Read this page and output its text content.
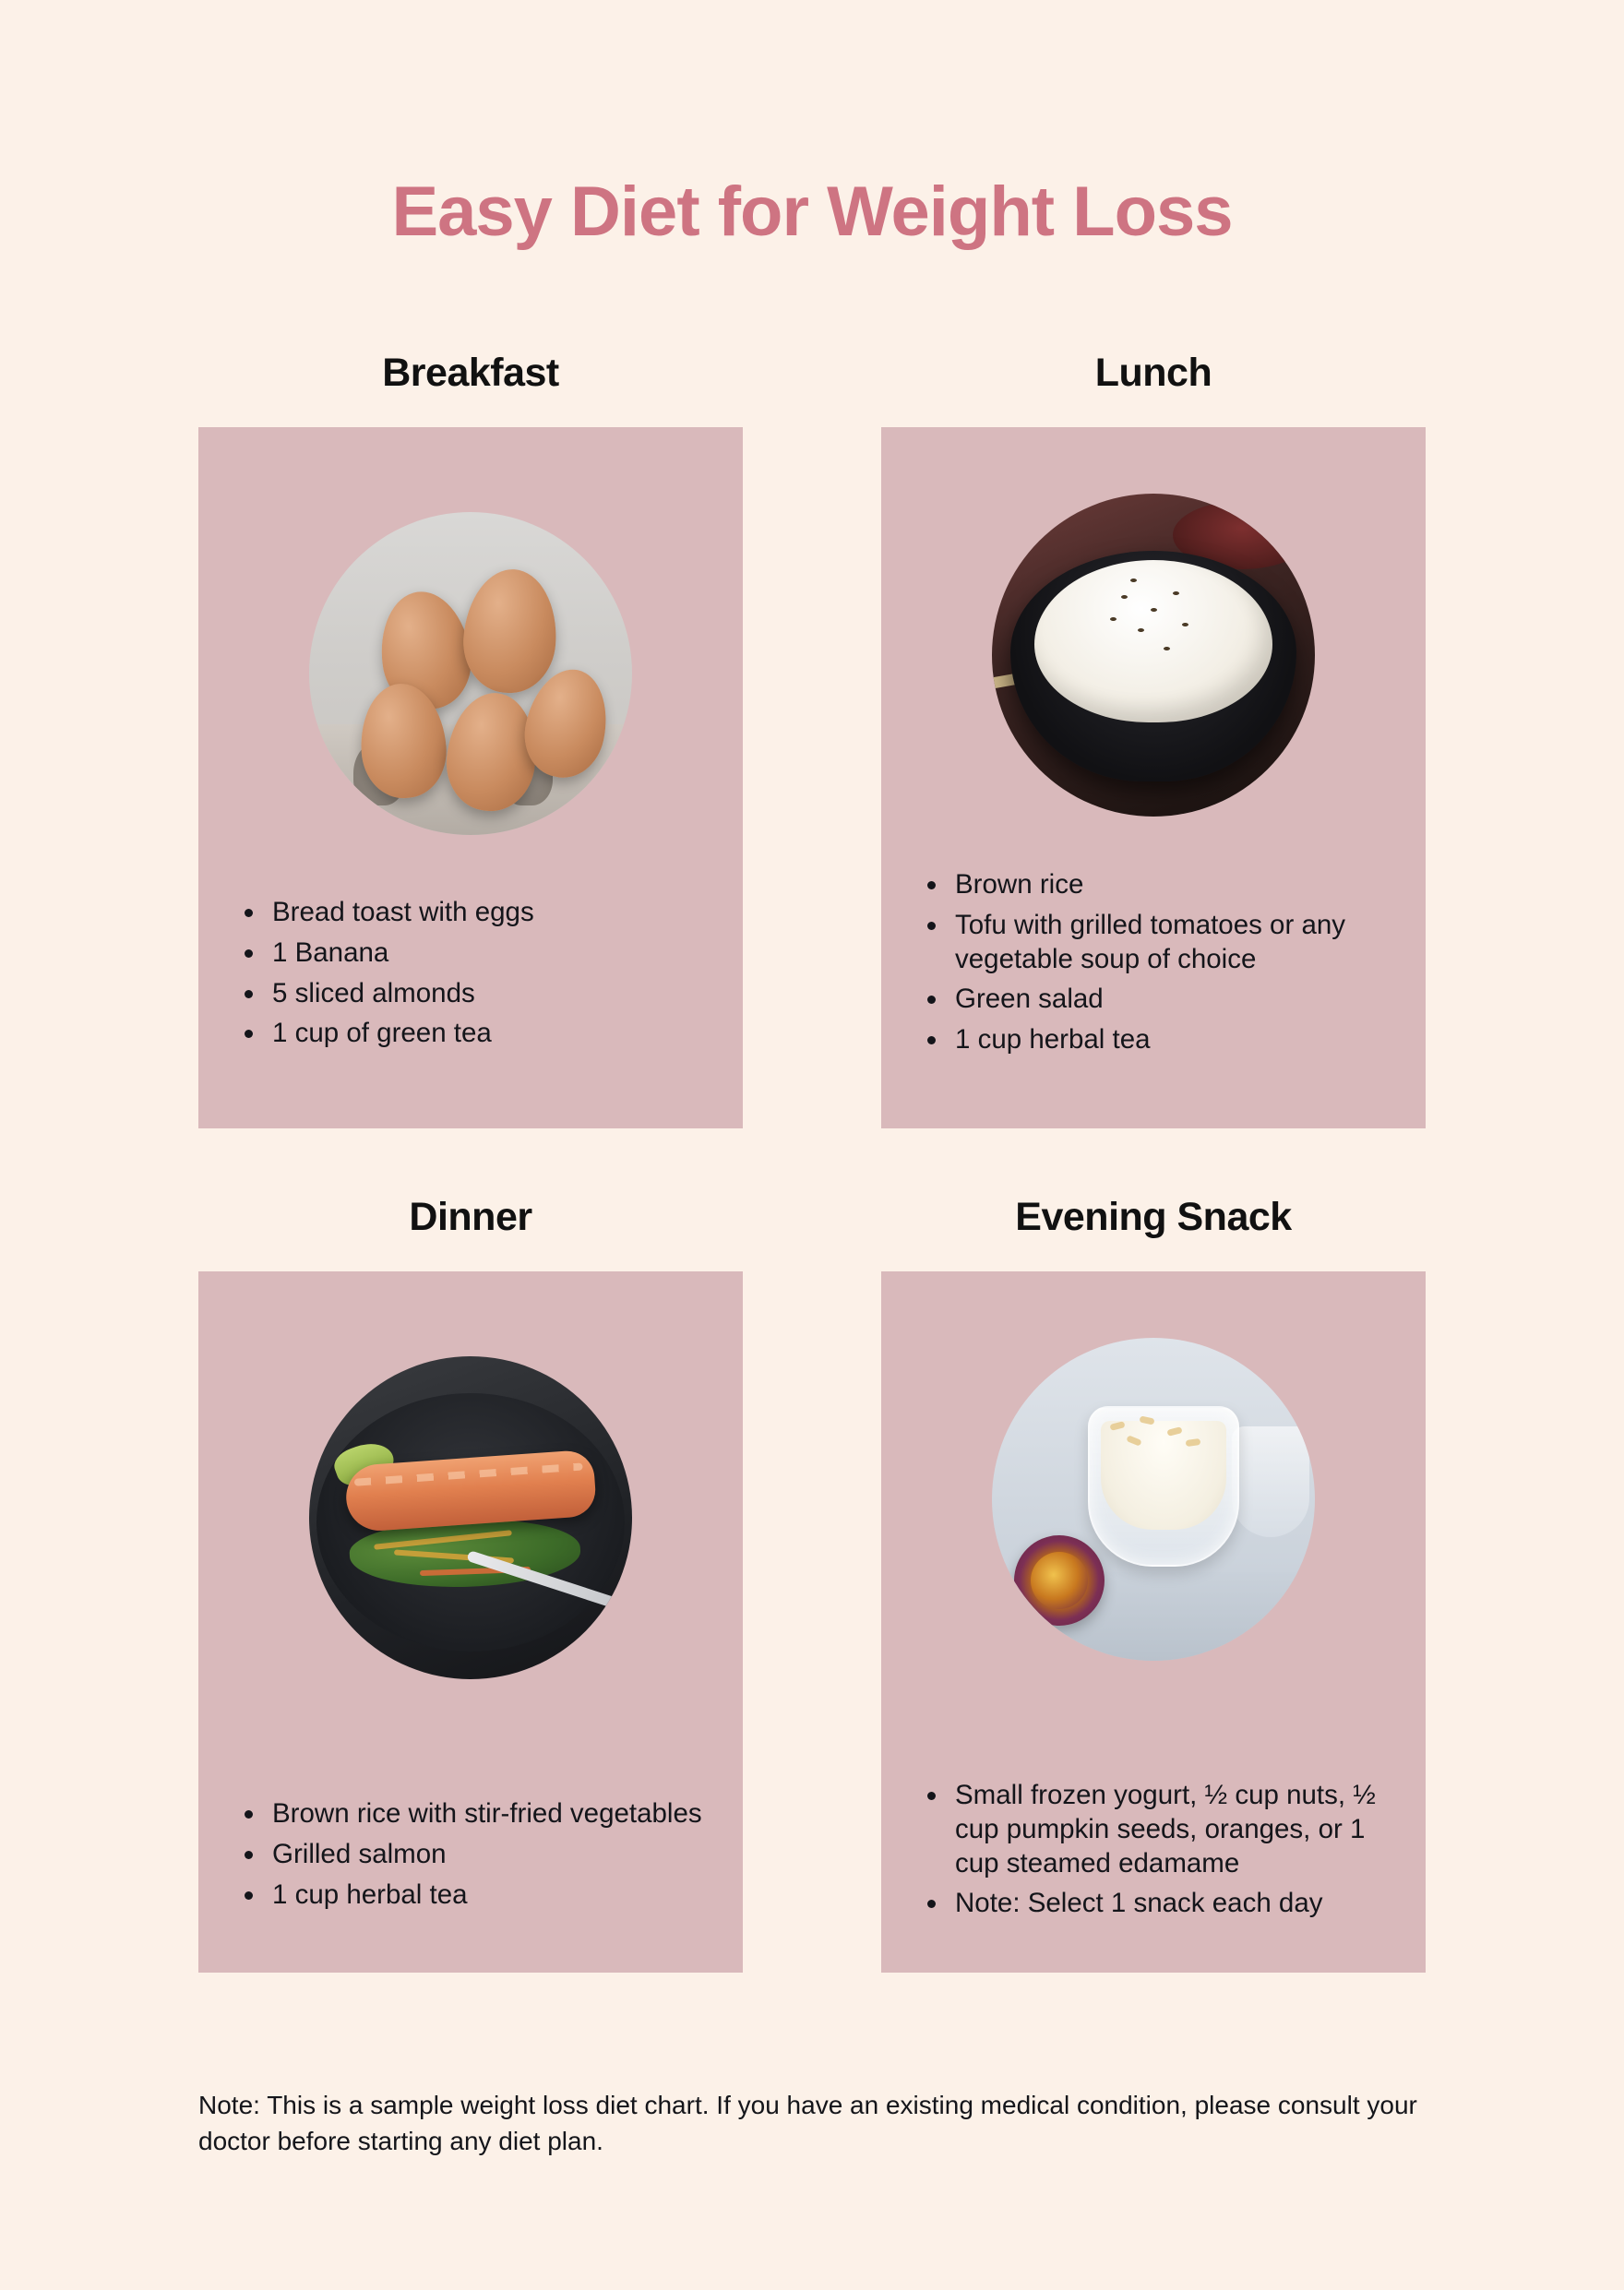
Easy Diet for Weight Loss
Breakfast
Bread toast with eggs
1 Banana
5 sliced almonds
1 cup of green tea
Lunch
Brown rice
Tofu with grilled tomatoes or any vegetable soup of choice
Green salad
1 cup herbal tea
Dinner
Brown rice with stir-fried vegetables
Grilled salmon
1 cup herbal tea
Evening Snack
Small frozen yogurt, ½ cup nuts, ½ cup pumpkin seeds, oranges, or 1 cup steamed edamame
Note: Select 1 snack each day
Note: This is a sample weight loss diet chart. If you have an existing medical condition, please consult your doctor before starting any diet plan.
